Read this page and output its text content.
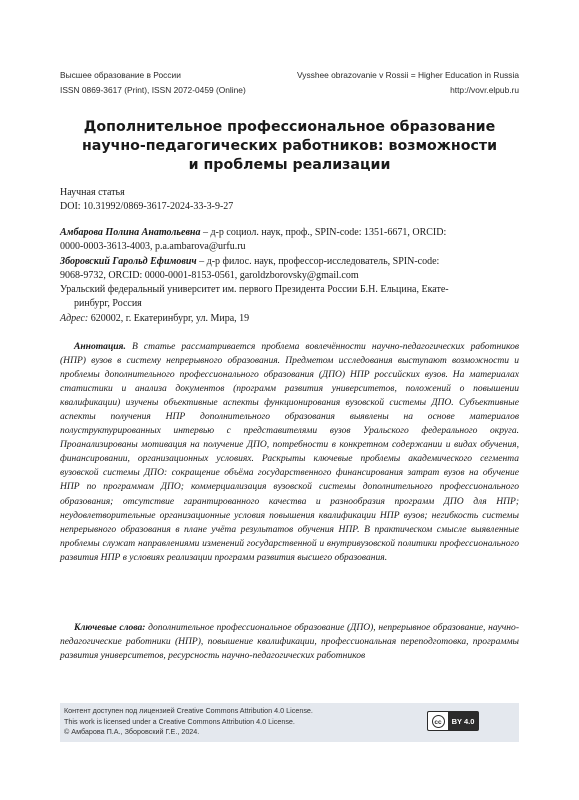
Высшее образование в России	Vysshee obrazovanie v Rossii = Higher Education in Russia
ISSN 0869-3617 (Print), ISSN 2072-0459 (Online)	http://vovr.elpub.ru
Дополнительное профессиональное образование
научно-педагогических работников: возможности
и проблемы реализации
Научная статья
DOI: 10.31992/0869-3617-2024-33-3-9-27
Амбарова Полина Анатольевна – д-р социол. наук, проф., SPIN-code: 1351-6671, ORCID:
0000-0003-3613-4003, p.a.ambarova@urfu.ru
Зборовский Гарольд Ефимович – д-р филос. наук, профессор-исследователь, SPIN-code:
9068-9732, ORCID: 0000-0001-8153-0561, garoldzborovsky@gmail.com
Уральский федеральный университет им. первого Президента России Б.Н. Ельцина, Екате-
ринбург, Россия
Адрес: 620002, г. Екатеринбург, ул. Мира, 19

Аннотация. В статье рассматривается проблема вовлечённости научно-педагогических работников (НПР) вузов в систему непрерывного образования. Предметом исследования выступают возможности и проблемы дополнительного профессионального образования (ДПО) НПР российских вузов. На материалах статистики и анализа документов (программ развития университетов, положений о повышении квалификации) изучены объективные аспекты функционирования вузовской системы ДПО. Субъективные аспекты получения НПР дополнительного образования выявлены на основе материалов полуструктурированных интервью с представителями вузов Уральского федерального округа. Проанализированы мотивация на получение ДПО, потребности в конкретном содержании и видах обучения, финансировании, организационных условиях. Раскрыты ключевые проблемы академического сегмента вузовской системы ДПО: сокращение объёма государственного финансирования затрат вузов на обучение НПР по программам ДПО; коммерциализация вузовской системы дополнительного профессионального образования; отсутствие гарантированного качества и разнообразия программ ДПО для НПР; неудовлетворительные организационные условия повышения квалификации НПР вузов; негибкость системы непрерывного образования в плане учёта результатов обучения НПР. В практическом смысле выявленные проблемы служат направлениями изменений государственной и внутривузовской политики профессионального развития НПР в условиях реализации программ развития высшего образования.

Ключевые слова: дополнительное профессиональное образование (ДПО), непрерывное образование, научно-педагогические работники (НПР), повышение квалификации, профессиональная переподготовка, программы развития университетов, ресурсность научно-педагогических работников

Контент доступен под лицензией Creative Commons Attribution 4.0 License.
This work is licensed under a Creative Commons Attribution 4.0 License.
© Амбарова П.А., Зборовский Г.Е., 2024.
cc	BY 4.0
